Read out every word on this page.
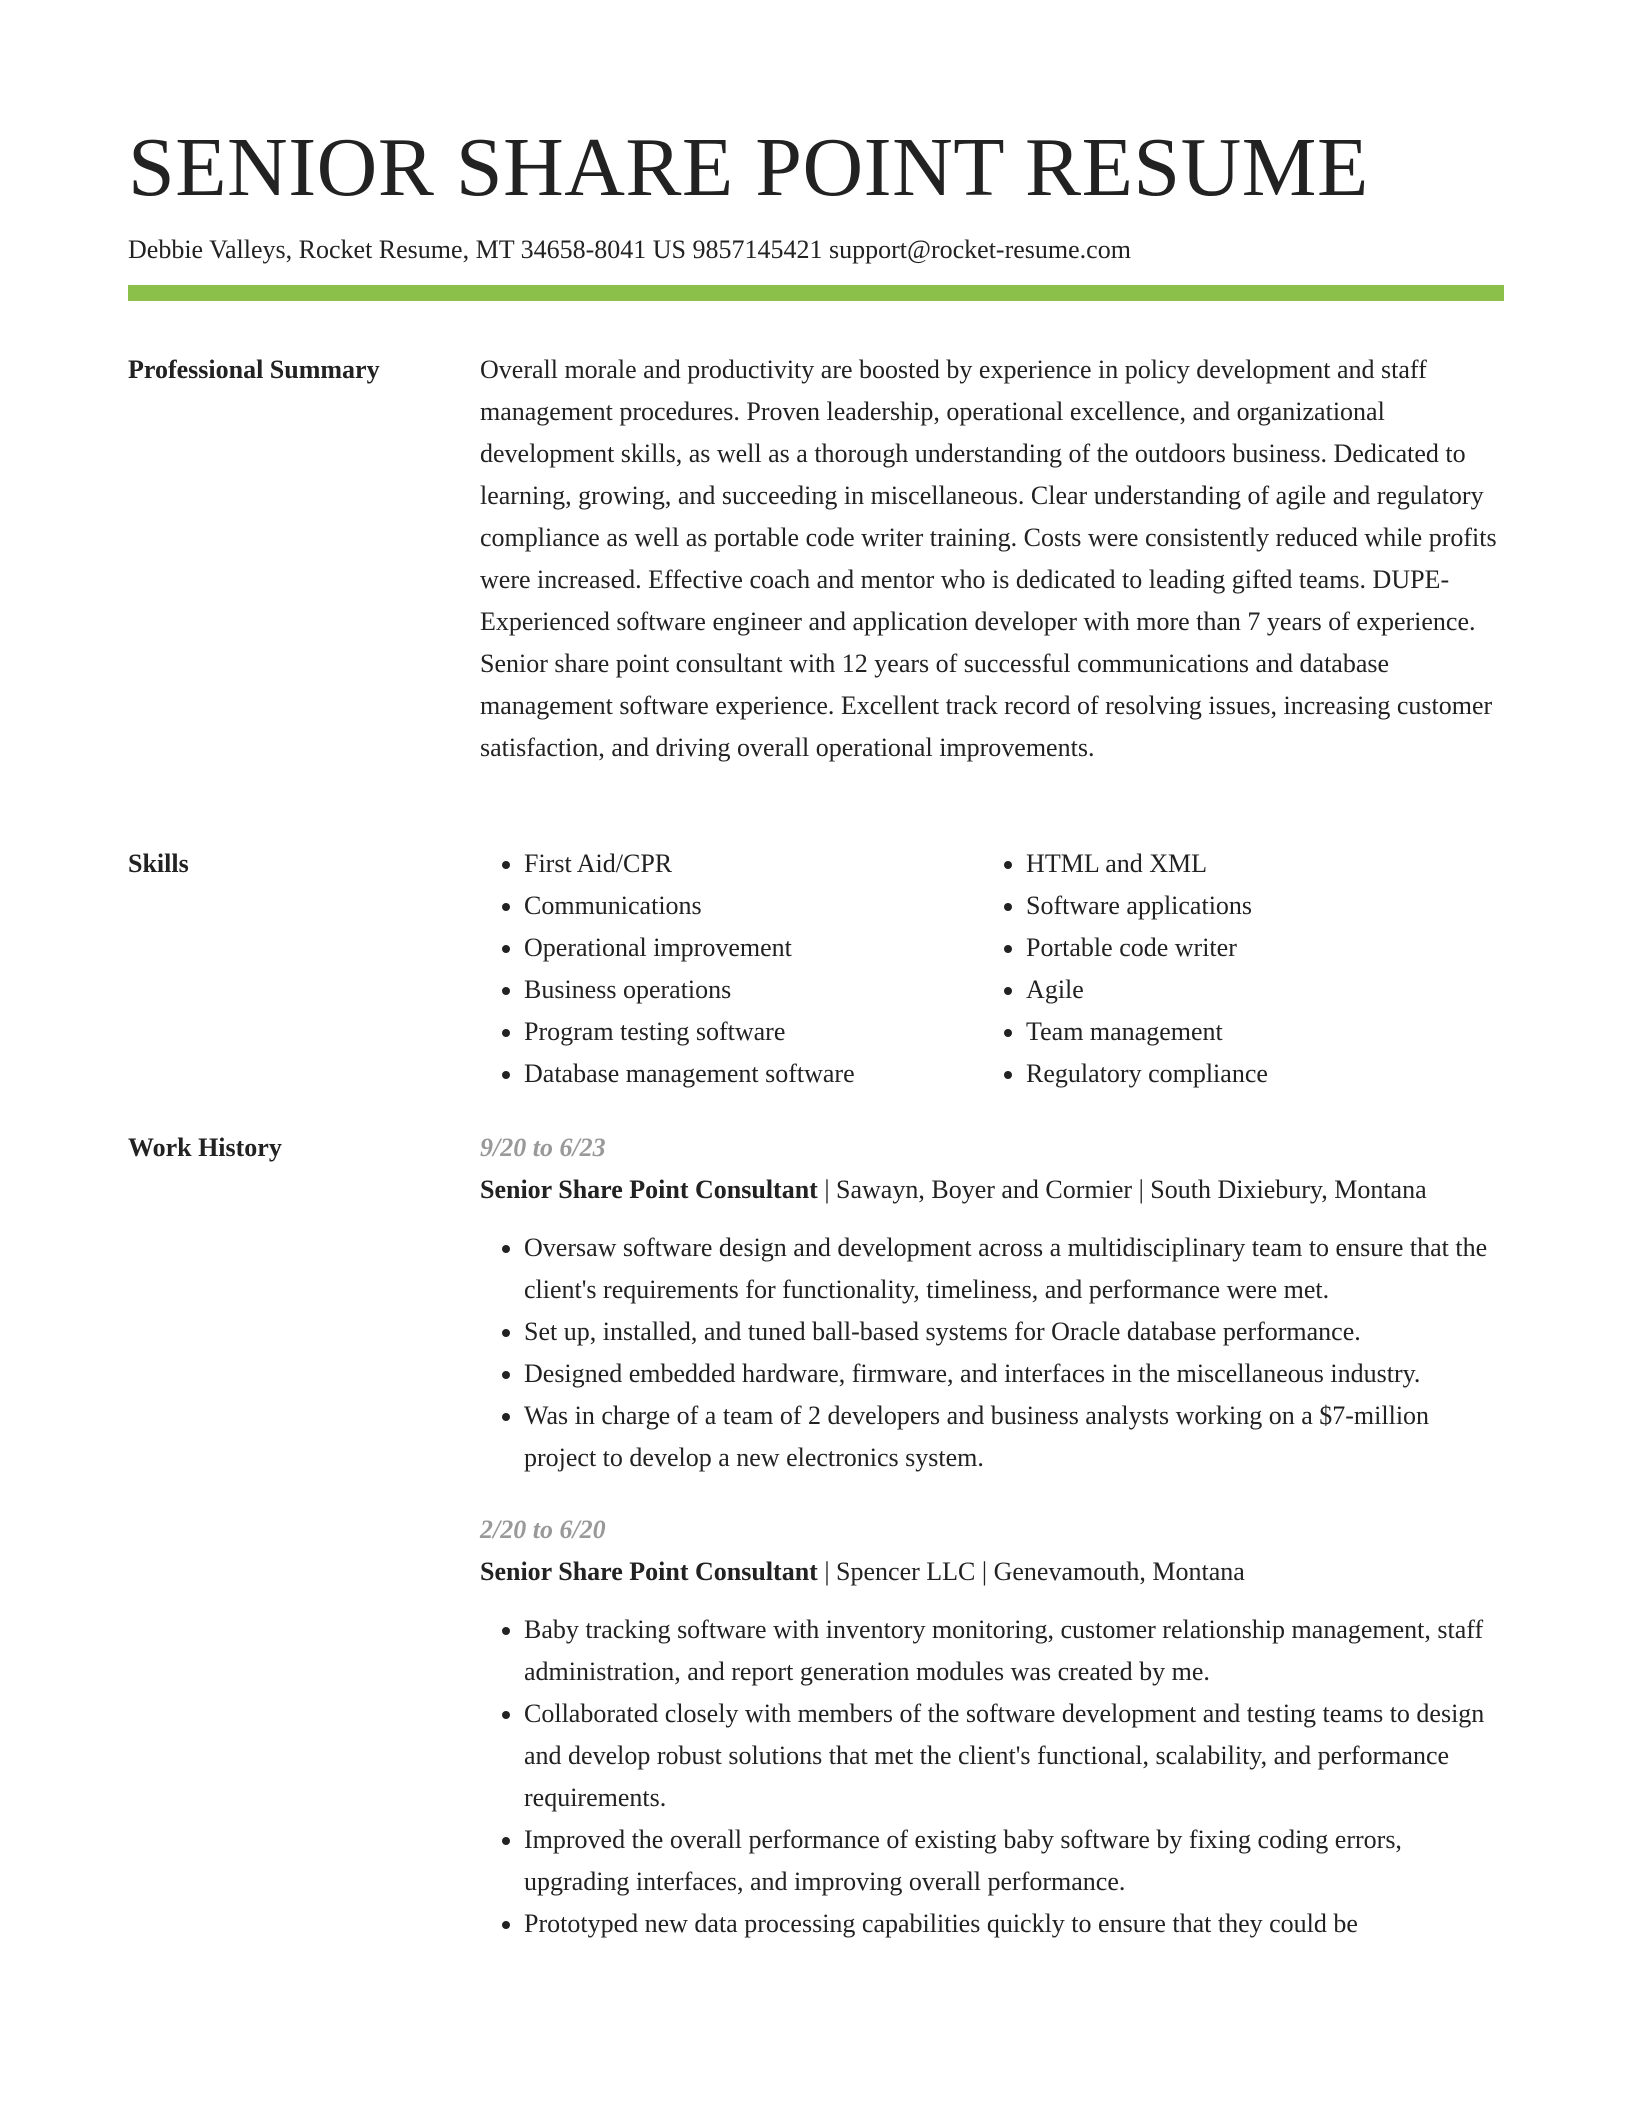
SENIOR SHARE POINT RESUME
Debbie Valleys, Rocket Resume, MT 34658-8041 US 9857145421 support@rocket-resume.com
Professional Summary	Overall morale and productivity are boosted by experience in policy development and staff management procedures. Proven leadership, operational excellence, and organizational development skills, as well as a thorough understanding of the outdoors business. Dedicated to learning, growing, and succeeding in miscellaneous. Clear understanding of agile and regulatory compliance as well as portable code writer training. Costs were consistently reduced while profits were increased. Effective coach and mentor who is dedicated to leading gifted teams. DUPE- Experienced software engineer and application developer with more than 7 years of experience. Senior share point consultant with 12 years of successful communications and database management software experience. Excellent track record of resolving issues, increasing customer satisfaction, and driving overall operational improvements.

Skills
•	First Aid/CPR
• Communications
• Operational improvement
• Business operations
• Program testing software
• Database management software
• HTML and XML
• Software applications
• Portable code writer
• Agile
• Team management
• Regulatory compliance
Work History	9/20 to 6/23
Senior Share Point Consultant | Sawayn, Boyer and Cormier | South Dixiebury, Montana
• Oversaw software design and development across a multidisciplinary team to ensure that the client's requirements for functionality, timeliness, and performance were met.
• Set up, installed, and tuned ball-based systems for Oracle database performance.
• Designed embedded hardware, firmware, and interfaces in the miscellaneous industry.
• Was in charge of a team of 2 developers and business analysts working on a $7-million project to develop a new electronics system.
2/20 to 6/20
Senior Share Point Consultant | Spencer LLC | Genevamouth, Montana
• Baby tracking software with inventory monitoring, customer relationship management, staff administration, and report generation modules was created by me.
• Collaborated closely with members of the software development and testing teams to design and develop robust solutions that met the client's functional, scalability, and performance requirements.
• Improved the overall performance of existing baby software by fixing coding errors, upgrading interfaces, and improving overall performance.
• Prototyped new data processing capabilities quickly to ensure that they could be
